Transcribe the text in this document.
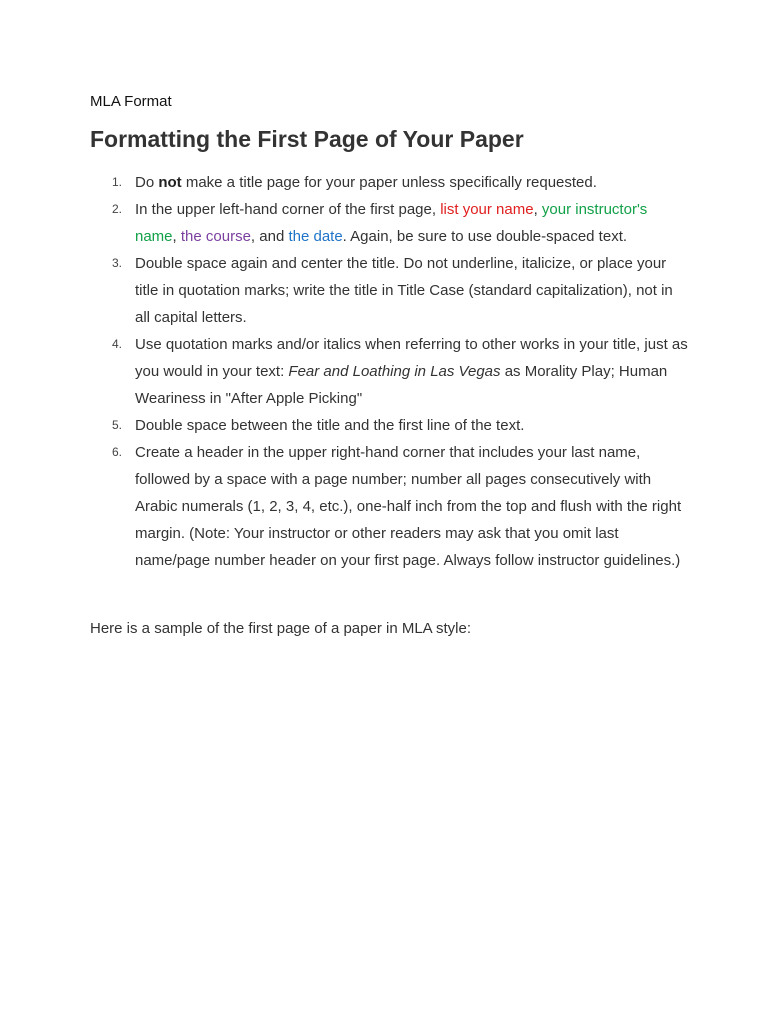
MLA Format
Formatting the First Page of Your Paper
1. Do not make a title page for your paper unless specifically requested.
2. In the upper left-hand corner of the first page, list your name, your instructor's name, the course, and the date. Again, be sure to use double-spaced text.
3. Double space again and center the title. Do not underline, italicize, or place your title in quotation marks; write the title in Title Case (standard capitalization), not in all capital letters.
4. Use quotation marks and/or italics when referring to other works in your title, just as you would in your text: Fear and Loathing in Las Vegas as Morality Play; Human Weariness in "After Apple Picking"
5. Double space between the title and the first line of the text.
6. Create a header in the upper right-hand corner that includes your last name, followed by a space with a page number; number all pages consecutively with Arabic numerals (1, 2, 3, 4, etc.), one-half inch from the top and flush with the right margin. (Note: Your instructor or other readers may ask that you omit last name/page number header on your first page. Always follow instructor guidelines.)
Here is a sample of the first page of a paper in MLA style:
